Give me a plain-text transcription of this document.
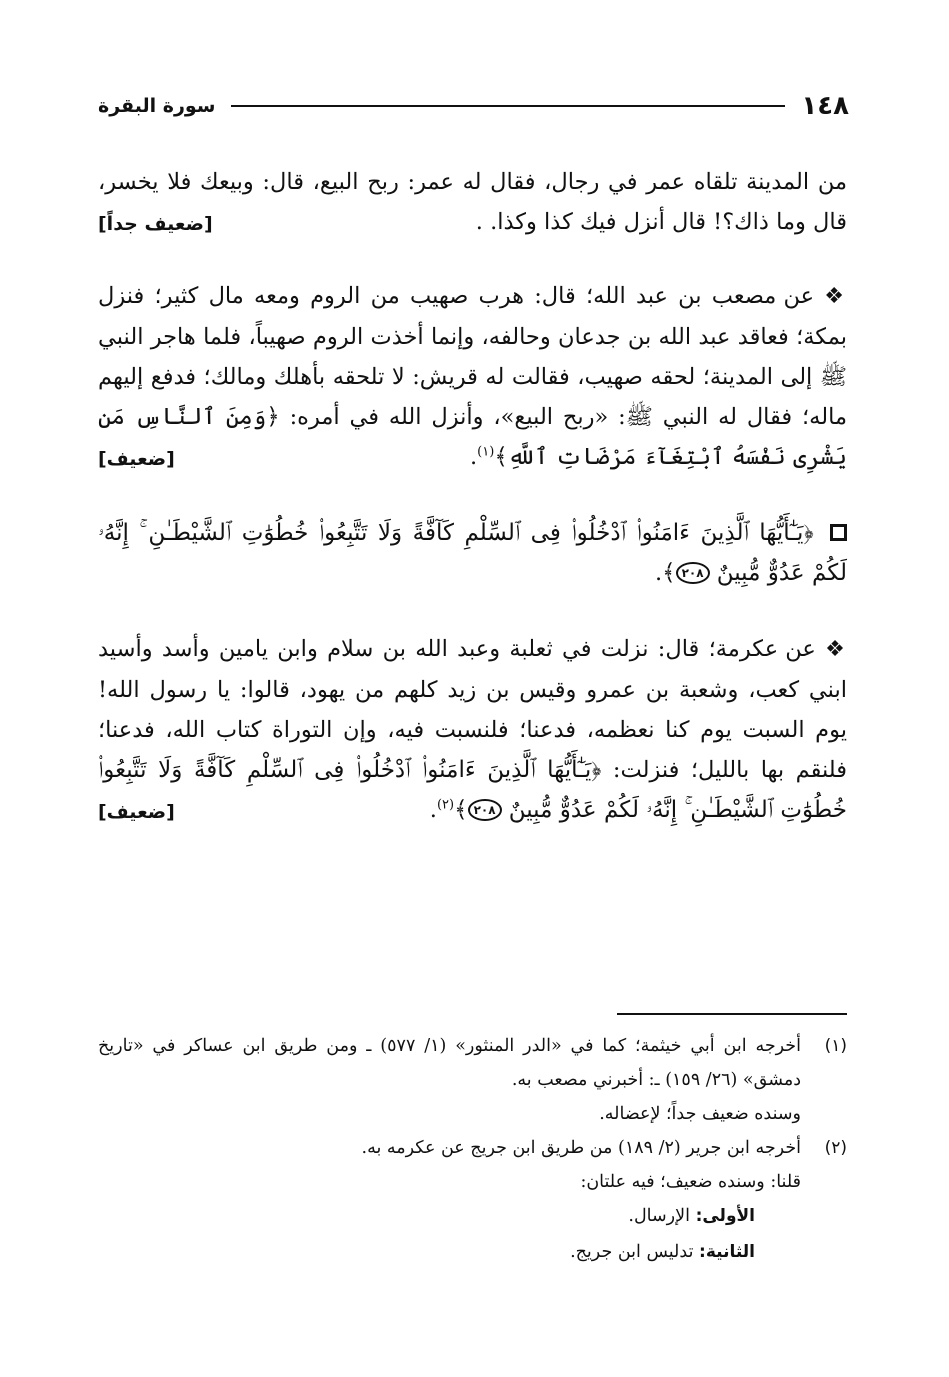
١٤٨
سورة البقرة

من المدينة تلقاه عمر في رجال، فقال له عمر: ربح البيع، قال: وبيعك فلا يخسر، قال وما ذاك؟! قال أنزل فيك كذا وكذا. .
[ضعيف جداً]

❖ عن مصعب بن عبد الله؛ قال: هرب صهيب من الروم ومعه مال كثير؛ فنزل بمكة؛ فعاقد عبد الله بن جدعان وحالفه، وإنما أخذت الروم صهيباً، فلما هاجر النبي ﷺ إلى المدينة؛ لحقه صهيب، فقالت له قريش: لا تلحقه بأهلك ومالك؛ فدفع إليهم ماله؛ فقال له النبي ﷺ: «ربح البيع»، وأنزل الله في أمره: ﴿وَمِنَ ٱلنَّاسِ مَن يَشْرِى نَفْسَهُ ٱبْتِغَآءَ مَرْضَاتِ ٱللَّهِ﴾$^{(١)}$.
[ضعيف]

﴿يَـٰٓأَيُّهَا ٱلَّذِينَ ءَامَنُوا۟ ٱدْخُلُوا۟ فِى ٱلسِّلْمِ كَآفَّةً وَلَا تَتَّبِعُوا۟ خُطُوَٰتِ ٱلشَّيْطَـٰنِ ۚ إِنَّهُۥ لَكُمْ عَدُوٌّ مُّبِينٌ ٢٠٨﴾.

❖ عن عكرمة؛ قال: نزلت في ثعلبة وعبد الله بن سلام وابن يامين وأسد وأسيد ابني كعب، وشعبة بن عمرو وقيس بن زيد كلهم من يهود، قالوا: يا رسول الله! يوم السبت يوم كنا نعظمه، فدعنا؛ فلنسبت فيه، وإن التوراة كتاب الله، فدعنا؛ فلنقم بها بالليل؛ فنزلت: ﴿يَـٰٓأَيُّهَا ٱلَّذِينَ ءَامَنُوا۟ ٱدْخُلُوا۟ فِى ٱلسِّلْمِ كَآفَّةً وَلَا تَتَّبِعُوا۟ خُطُوَٰتِ ٱلشَّيْطَـٰنِ ۚ إِنَّهُۥ لَكُمْ عَدُوٌّ مُّبِينٌ ٢٠٨﴾$^{(٢)}$.
[ضعيف]

(١)

أخرجه ابن أبي خيثمة؛ كما في «الدر المنثور» (١/ ٥٧٧) ـ ومن طريق ابن عساكر في «تاريخ دمشق» (٢٦/ ١٥٩) ـ: أخبرني مصعب به.

وسنده ضعيف جداً؛ لإعضاله.

(٢)

أخرجه ابن جرير (٢/ ١٨٩) من طريق ابن جريج عن عكرمه به.

قلنا: وسنده ضعيف؛ فيه علتان:

الأولى: الإرسال.

الثانية: تدليس ابن جريج.
